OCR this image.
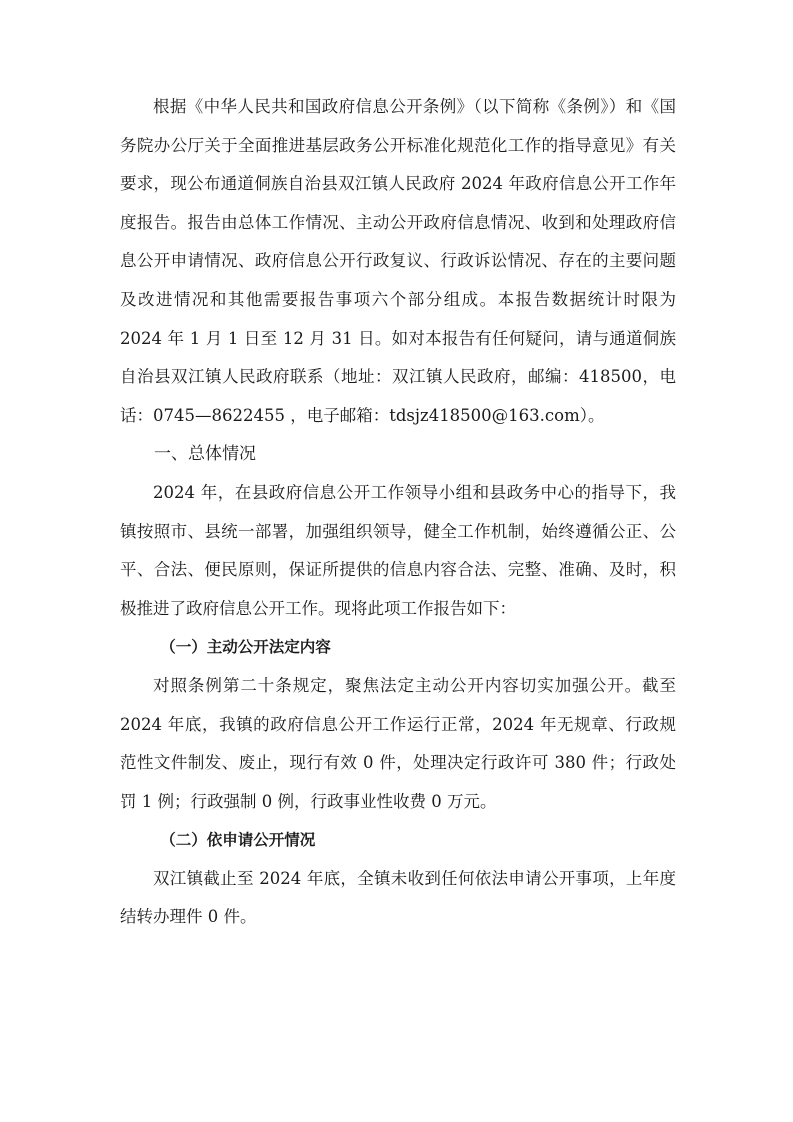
根据《中华人民共和国政府信息公开条例》（以下简称《条例》）和《国务院办公厅关于全面推进基层政务公开标准化规范化工作的指导意见》有关要求，现公布通道侗族自治县双江镇人民政府 2024 年政府信息公开工作年度报告。报告由总体工作情况、主动公开政府信息情况、收到和处理政府信息公开申请情况、政府信息公开行政复议、行政诉讼情况、存在的主要问题及改进情况和其他需要报告事项六个部分组成。本报告数据统计时限为 2024 年 1 月 1 日至 12 月 31 日。如对本报告有任何疑问，请与通道侗族自治县双江镇人民政府联系（地址：双江镇人民政府，邮编：418500，电话：0745—8622455 ，电子邮箱：tdsjz418500@163.com）。

一、总体情况

2024 年，在县政府信息公开工作领导小组和县政务中心的指导下，我镇按照市、县统一部署，加强组织领导，健全工作机制，始终遵循公正、公平、合法、便民原则，保证所提供的信息内容合法、完整、准确、及时，积极推进了政府信息公开工作。现将此项工作报告如下：

（一）主动公开法定内容

对照条例第二十条规定，聚焦法定主动公开内容切实加强公开。截至 2024 年底，我镇的政府信息公开工作运行正常，2024 年无规章、行政规范性文件制发、废止，现行有效 0 件，处理决定行政许可 380 件；行政处罚 1 例；行政强制 0 例，行政事业性收费 0 万元。

（二）依申请公开情况

双江镇截止至 2024 年底，全镇未收到任何依法申请公开事项，上年度结转办理件 0 件。
